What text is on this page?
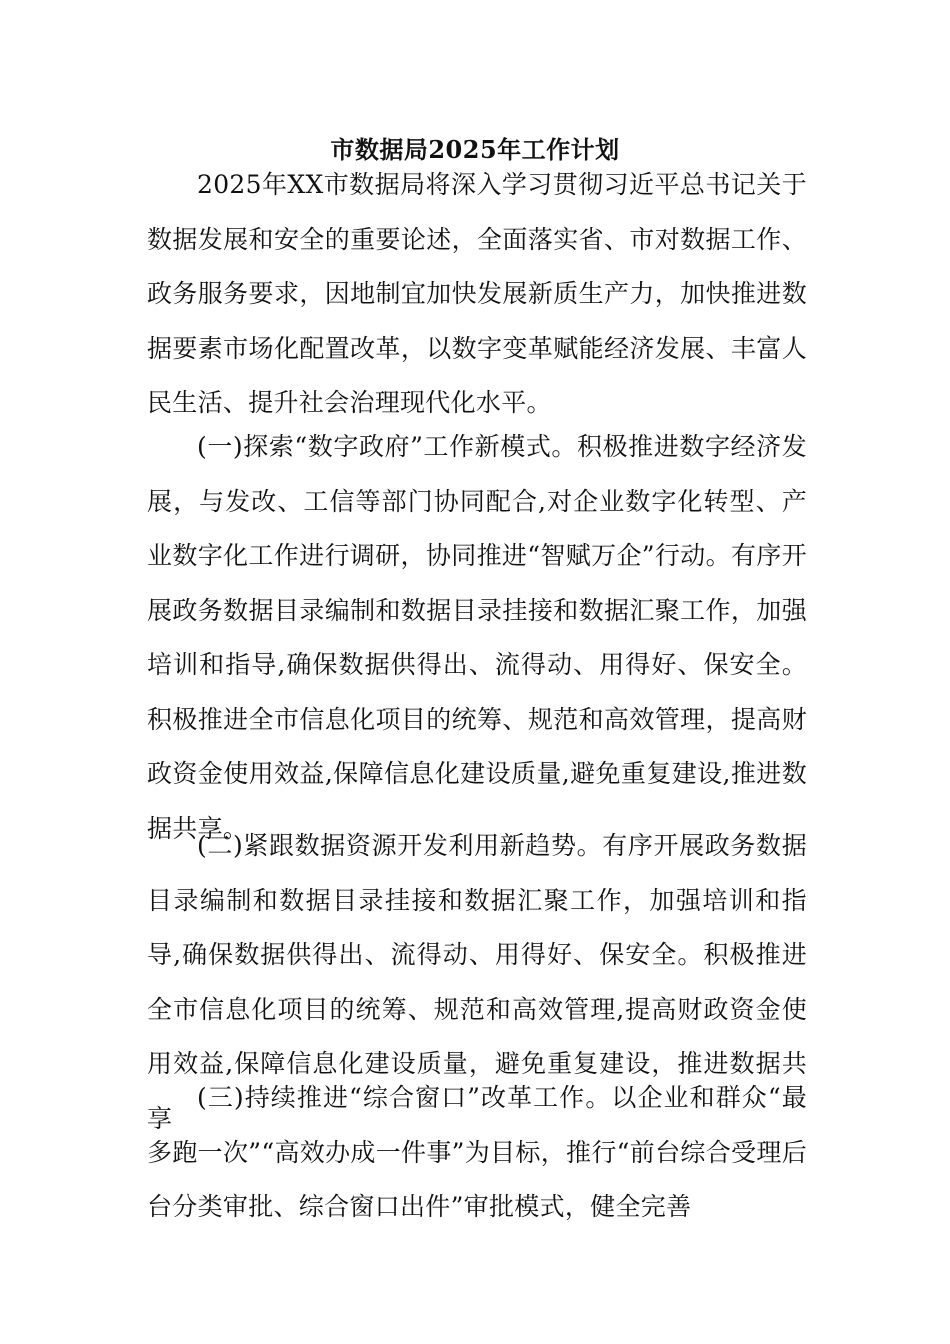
市数据局2025年工作计划

2025年XX市数据局将深入学习贯彻习近平总书记关于数据发展和安全的重要论述，全面落实省、市对数据工作、政务服务要求，因地制宜加快发展新质生产力，加快推进数据要素市场化配置改革，以数字变革赋能经济发展、丰富人民生活、提升社会治理现代化水平。

(一)探索“数字政府”工作新模式。积极推进数字经济发展，与发改、工信等部门协同配合,对企业数字化转型、产业数字化工作进行调研，协同推进“智赋万企”行动。有序开展政务数据目录编制和数据目录挂接和数据汇聚工作，加强培训和指导,确保数据供得出、流得动、用得好、保安全。积极推进全市信息化项目的统筹、规范和高效管理，提高财政资金使用效益,保障信息化建设质量,避免重复建设,推进数据共享。

(二)紧跟数据资源开发利用新趋势。有序开展政务数据目录编制和数据目录挂接和数据汇聚工作，加强培训和指导,确保数据供得出、流得动、用得好、保安全。积极推进全市信息化项目的统筹、规范和高效管理,提高财政资金使用效益,保障信息化建设质量，避免重复建设，推进数据共享

(三)持续推进“综合窗口”改革工作。以企业和群众“最多跑一次”“高效办成一件事”为目标，推行“前台综合受理后台分类审批、综合窗口出件”审批模式，健全完善
